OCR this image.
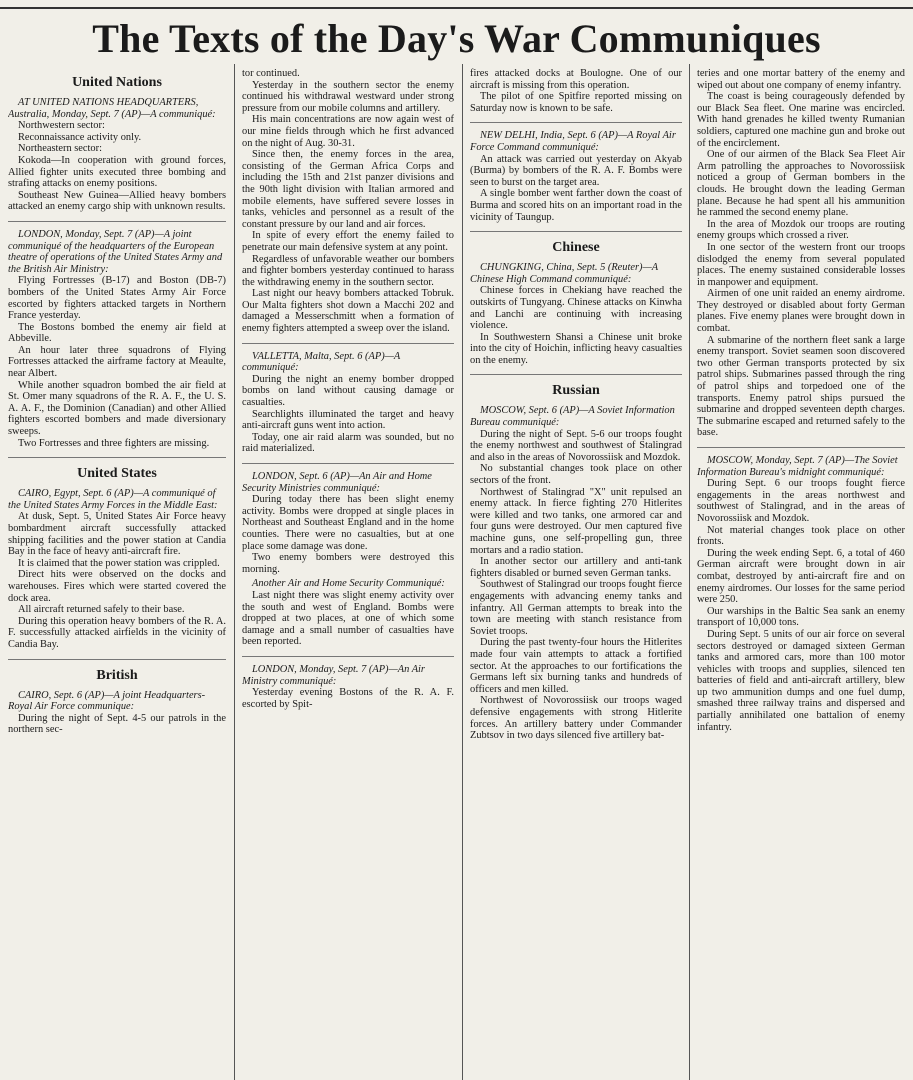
The Texts of the Day's War Communiques
United Nations
AT UNITED NATIONS HEADQUARTERS, Australia, Monday, Sept. 7 (AP)—A communiqué:

Northwestern sector:

Reconnaissance activity only.

Northeastern sector:

Kokoda—In cooperation with ground forces, Allied fighter units executed three bombing and strafing attacks on enemy positions.

Southeast New Guinea—Allied heavy bombers attacked an enemy cargo ship with unknown results.

LONDON, Monday, Sept. 7 (AP)—A joint communiqué of the headquarters of the European theatre of operations of the United States Army and the British Air Ministry:

Flying Fortresses (B-17) and Boston (DB-7) bombers of the United States Army Air Force escorted by fighters attacked targets in Northern France yesterday.

The Bostons bombed the enemy air field at Abbeville.

An hour later three squadrons of Flying Fortresses attacked the airframe factory at Meaulte, near Albert.

While another squadron bombed the air field at St. Omer many squadrons of the R. A. F., the U. S. A. A. F., the Dominion (Canadian) and other Allied fighters escorted bombers and made diversionary sweeps.

Two Fortresses and three fighters are missing.

United States
CAIRO, Egypt, Sept. 6 (AP)—A communiqué of the United States Army Forces in the Middle East:

At dusk, Sept. 5, United States Air Force heavy bombardment aircraft successfully attacked shipping facilities and the power station at Candia Bay in the face of heavy anti-aircraft fire.

It is claimed that the power station was crippled.

Direct hits were observed on the docks and warehouses. Fires which were started covered the dock area.

All aircraft returned safely to their base.

During this operation heavy bombers of the R. A. F. successfully attacked airfields in the vicinity of Candia Bay.

British
CAIRO, Sept. 6 (AP)—A joint Headquarters-Royal Air Force communique:

During the night of Sept. 4-5 our patrols in the northern sec-

tor continued.

Yesterday in the southern sector the enemy continued his withdrawal westward under strong pressure from our mobile columns and artillery.

His main concentrations are now again west of our mine fields through which he first advanced on the night of Aug. 30-31.

Since then, the enemy forces in the area, consisting of the German Africa Corps and including the 15th and 21st panzer divisions and the 90th light division with Italian armored and mobile elements, have suffered severe losses in tanks, vehicles and personnel as a result of the constant pressure by our land and air forces.

In spite of every effort the enemy failed to penetrate our main defensive system at any point.

Regardless of unfavorable weather our bombers and fighter bombers yesterday continued to harass the withdrawing enemy in the southern sector.

Last night our heavy bombers attacked Tobruk. Our Malta fighters shot down a Macchi 202 and damaged a Messerschmitt when a formation of enemy fighters attempted a sweep over the island.

VALLETTA, Malta, Sept. 6 (AP)—A communiqué:

During the night an enemy bomber dropped bombs on land without causing damage or casualties.

Searchlights illuminated the target and heavy anti-aircraft guns went into action.

Today, one air raid alarm was sounded, but no raid materialized.

LONDON, Sept. 6 (AP)—An Air and Home Security Ministries communiqué:

During today there has been slight enemy activity. Bombs were dropped at single places in Northeast and Southeast England and in the home counties. There were no casualties, but at one place some damage was done.

Two enemy bombers were destroyed this morning.

Another Air and Home Security Communiqué:

Last night there was slight enemy activity over the south and west of England. Bombs were dropped at two places, at one of which some damage and a small number of casualties have been reported.

LONDON, Monday, Sept. 7 (AP)—An Air Ministry communiqué:

Yesterday evening Bostons of the R. A. F. escorted by Spit-

fires attacked docks at Boulogne. One of our aircraft is missing from this operation.

The pilot of one Spitfire reported missing on Saturday now is known to be safe.

NEW DELHI, India, Sept. 6 (AP)—A Royal Air Force Command communiqué:

An attack was carried out yesterday on Akyab (Burma) by bombers of the R. A. F. Bombs were seen to burst on the target area.

A single bomber went farther down the coast of Burma and scored hits on an important road in the vicinity of Taungup.

Chinese
CHUNGKING, China, Sept. 5 (Reuter)—A Chinese High Command communiqué:

Chinese forces in Chekiang have reached the outskirts of Tungyang. Chinese attacks on Kinwha and Lanchi are continuing with increasing violence.

In Southwestern Shansi a Chinese unit broke into the city of Hoichin, inflicting heavy casualties on the enemy.

Russian
MOSCOW, Sept. 6 (AP)—A Soviet Information Bureau communiqué:

During the night of Sept. 5-6 our troops fought the enemy northwest and southwest of Stalingrad and also in the areas of Novorossiisk and Mozdok.

No substantial changes took place on other sectors of the front.

Northwest of Stalingrad "X" unit repulsed an enemy attack. In fierce fighting 270 Hitlerites were killed and two tanks, one armored car and four guns were destroyed. Our men captured five machine guns, one self-propelling gun, three mortars and a radio station.

In another sector our artillery and anti-tank fighters disabled or burned seven German tanks.

Southwest of Stalingrad our troops fought fierce engagements with advancing enemy tanks and infantry. All German attempts to break into the town are meeting with stanch resistance from Soviet troops.

During the past twenty-four hours the Hitlerites made four vain attempts to attack a fortified sector. At the approaches to our fortifications the Germans left six burning tanks and hundreds of officers and men killed.

Northwest of Novorossiisk our troops waged defensive engagements with strong Hitlerite forces. An artillery battery under Commander Zubtsov in two days silenced five artillery bat-

teries and one mortar battery of the enemy and wiped out about one company of enemy infantry.

The coast is being courageously defended by our Black Sea fleet. One marine was encircled. With hand grenades he killed twenty Rumanian soldiers, captured one machine gun and broke out of the encirclement.

One of our airmen of the Black Sea Fleet Air Arm patrolling the approaches to Novorossiisk noticed a group of German bombers in the clouds. He brought down the leading German plane. Because he had spent all his ammunition he rammed the second enemy plane.

In the area of Mozdok our troops are routing enemy groups which crossed a river.

In one sector of the western front our troops dislodged the enemy from several populated places. The enemy sustained considerable losses in manpower and equipment.

Airmen of one unit raided an enemy airdrome. They destroyed or disabled about forty German planes. Five enemy planes were brought down in combat.

A submarine of the northern fleet sank a large enemy transport. Soviet seamen soon discovered two other German transports protected by six patrol ships. Submarines passed through the ring of patrol ships and torpedoed one of the transports. Enemy patrol ships pursued the submarine and dropped seventeen depth charges. The submarine escaped and returned safely to the base.

MOSCOW, Monday, Sept. 7 (AP)—The Soviet Information Bureau's midnight communiqué:

During Sept. 6 our troops fought fierce engagements in the areas northwest and southwest of Stalingrad, and in the areas of Novorossiisk and Mozdok.

Not material changes took place on other fronts.

During the week ending Sept. 6, a total of 460 German aircraft were brought down in air combat, destroyed by anti-aircraft fire and on enemy airdromes. Our losses for the same period were 250.

Our warships in the Baltic Sea sank an enemy transport of 10,000 tons.

During Sept. 5 units of our air force on several sectors destroyed or damaged sixteen German tanks and armored cars, more than 100 motor vehicles with troops and supplies, silenced ten batteries of field and anti-aircraft artillery, blew up two ammunition dumps and one fuel dump, smashed three railway trains and dispersed and partially annihilated one battalion of enemy infantry.
